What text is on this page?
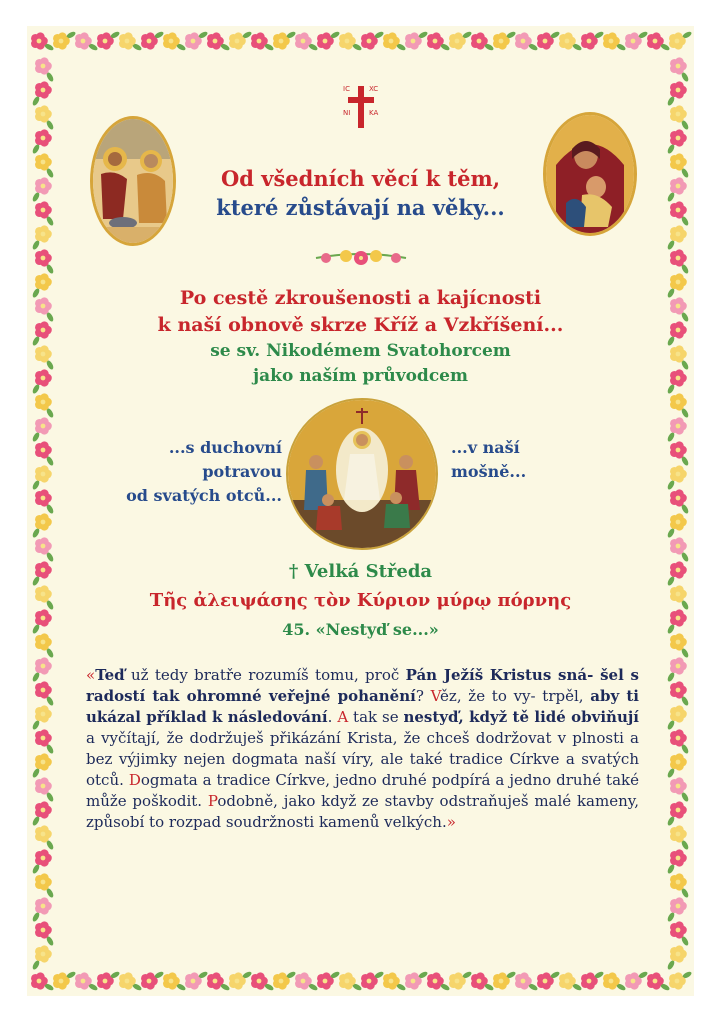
IC	XC
NI	KA
Od všedních věcí k těm,
které zůstávají na věky...
Po cestě zkroušenosti a kajícnosti
k naší obnově skrze Kříž a Vzkříšení...
se sv. Nikodémem Svatohorcem
jako naším průvodcem
...s duchovní
potravou
od svatých otců...
...v naší
mošně...
† Velká Středa
Τῆς ἀλειψάσης τὸν Κύριον μύρῳ πόρνης
45. «Nestyď se...»
«Teď už tedy bratře rozumíš tomu, proč Pán Ježíš Kristus sná- šel s radostí tak ohromné veřejné pohanění? Věz, že to vy- trpěl, aby ti ukázal příklad k následování. A tak se nestyď, když tě lidé obviňují a vyčítají, že dodržuješ přikázání Krista, že chceš dodržovat v plnosti a bez výjimky nejen dogmata naší víry, ale také tradice Církve a svatých otců. Dogmata a tradice Církve, jedno druhé podpírá a jedno druhé také může poškodit. Podobně, jako když ze stavby odstraňuješ malé kameny, způsobí to rozpad soudržnosti kamenů velkých.»
